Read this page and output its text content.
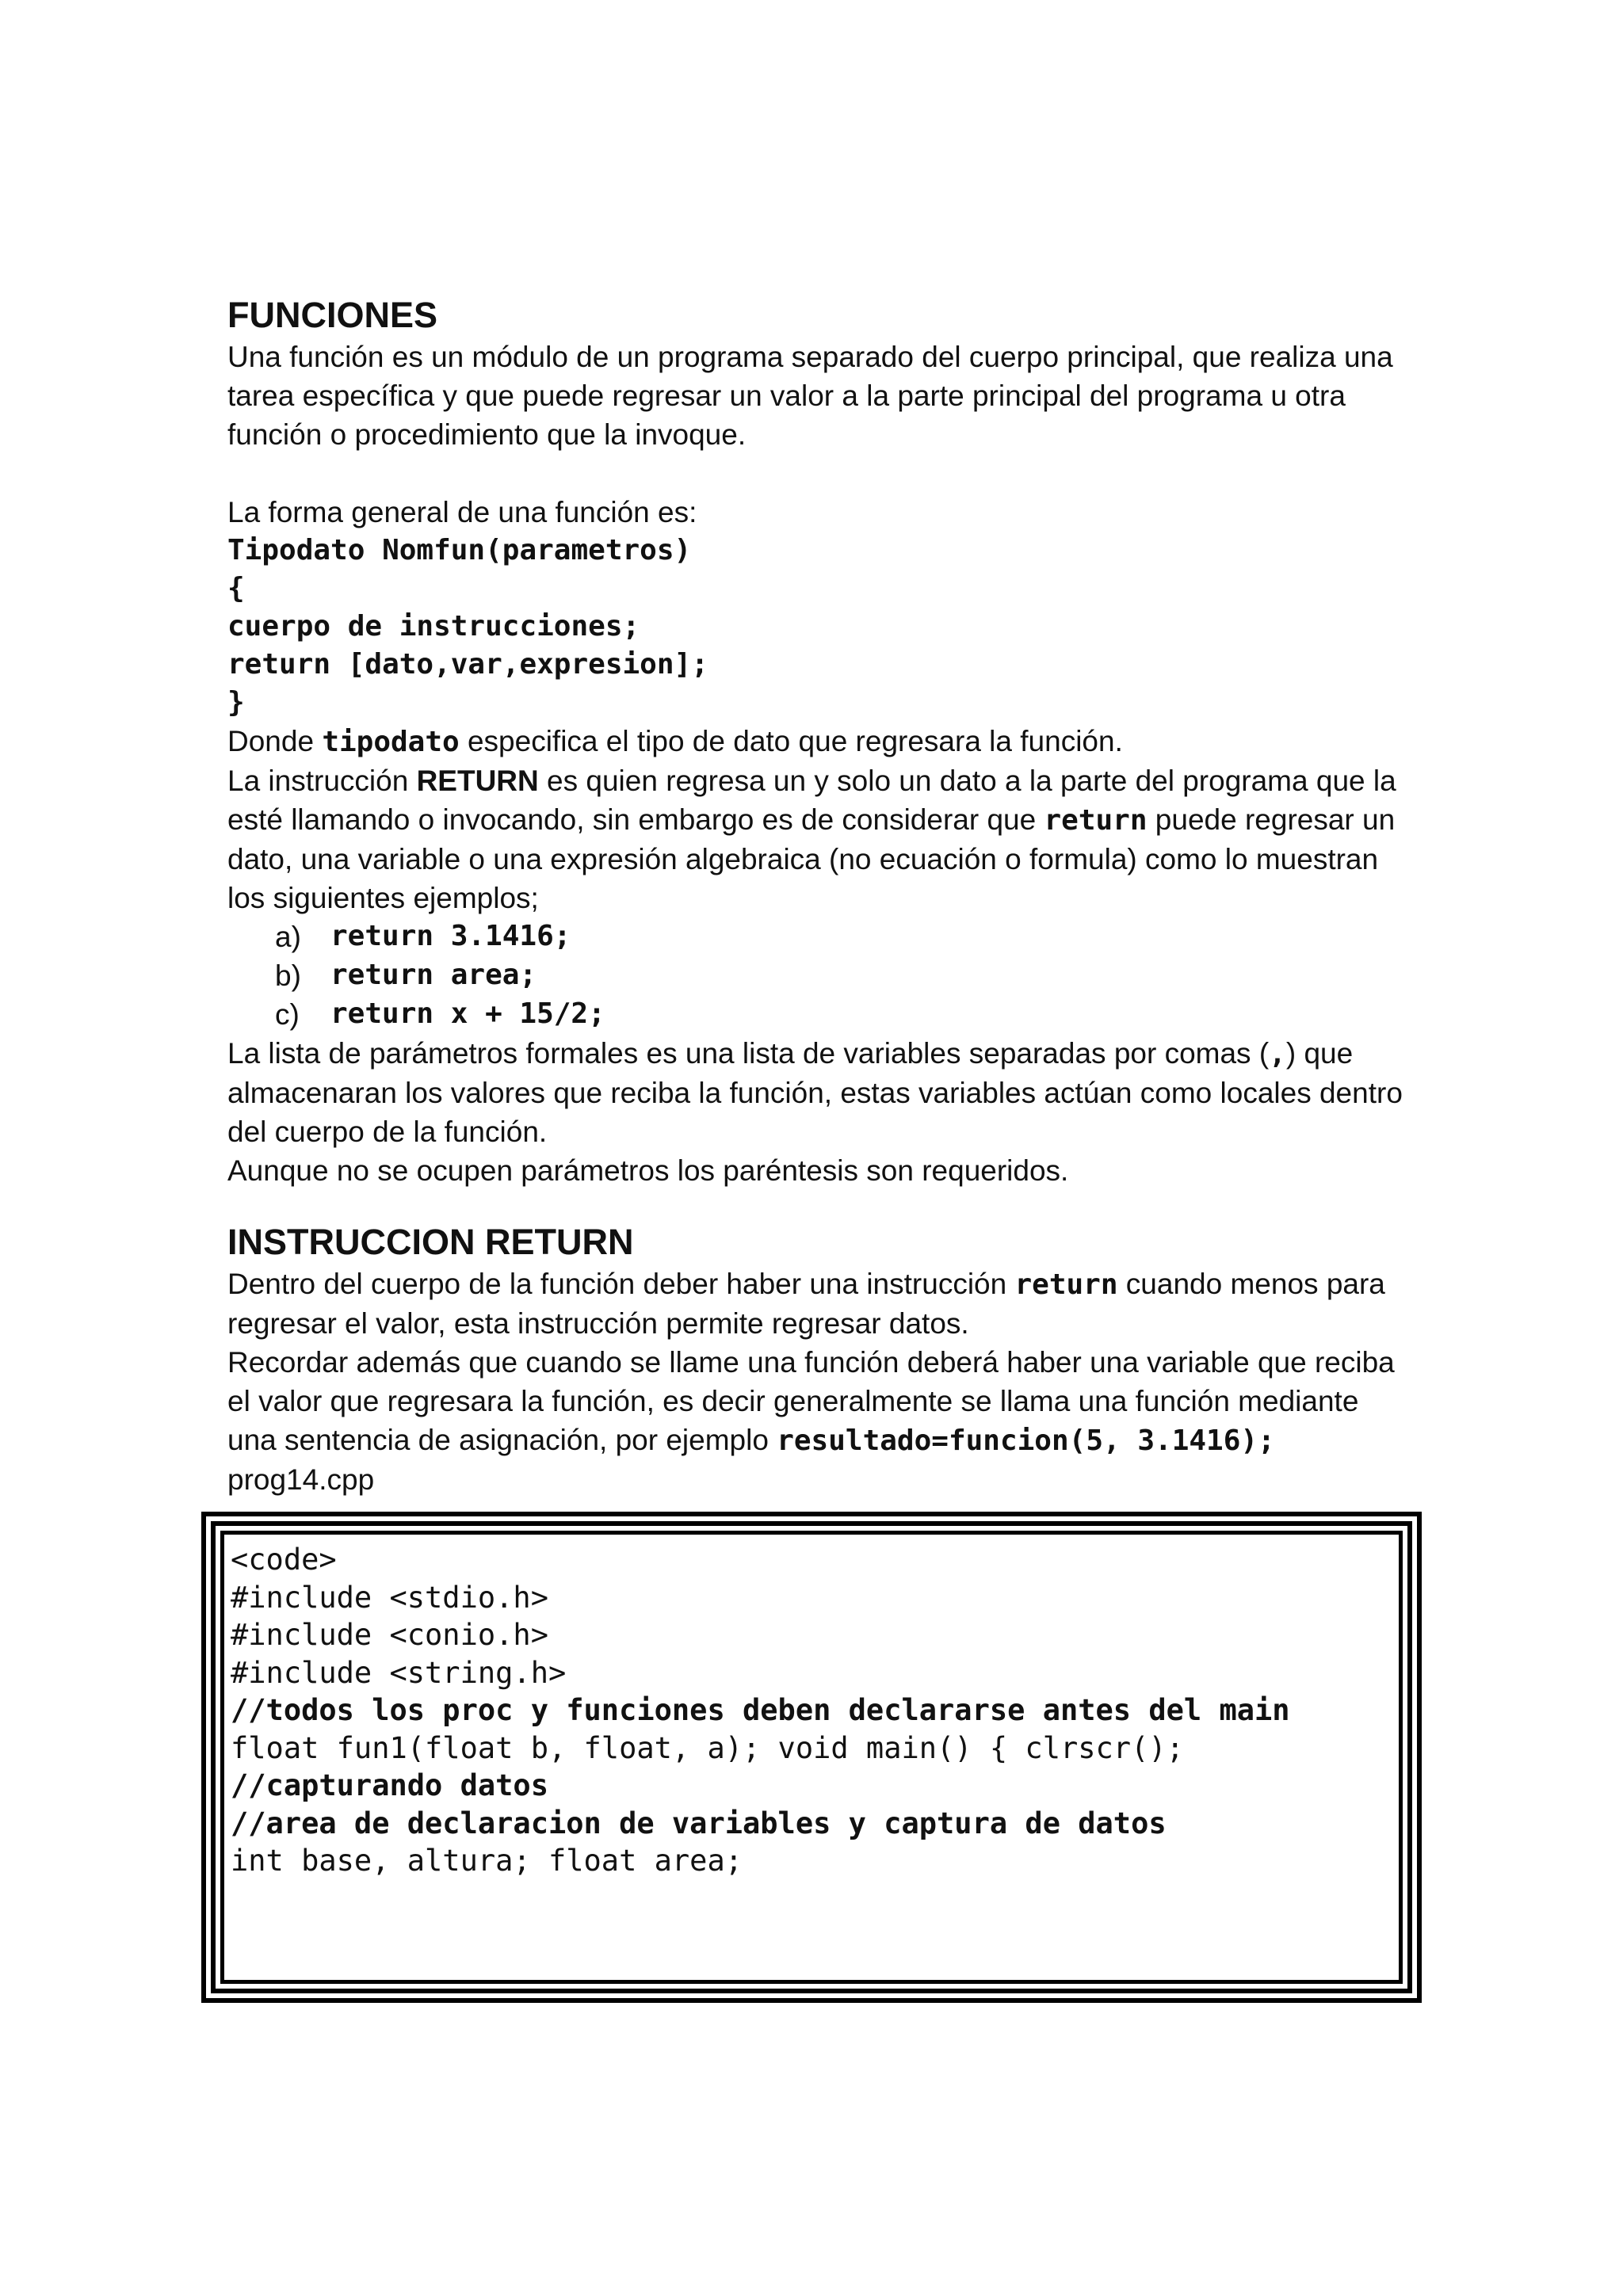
FUNCIONES

Una función es un módulo de un programa separado del cuerpo principal, que realiza una

tarea específica y que puede regresar un valor a la parte principal del programa u otra

función o procedimiento que la invoque.

La forma general de una función es:

Tipodato Nomfun(parametros)
{
cuerpo de instrucciones;
return [dato,var,expresion];
}

Donde tipodato especifica el tipo de dato que regresara la función.

La instrucción RETURN es quien regresa un y solo un dato a la parte del programa que la

esté llamando o invocando, sin embargo es de considerar que return puede regresar un

dato, una variable o una expresión algebraica (no ecuación o formula) como lo muestran

los siguientes ejemplos;

a)	return 3.1416;
b)	return area;
c)	return x + 15/2;

La lista de parámetros formales es una lista de variables separadas por comas (,) que

almacenaran los valores que reciba la función, estas variables actúan como locales dentro

del cuerpo de la función.

Aunque no se ocupen parámetros los paréntesis son requeridos.

INSTRUCCION RETURN

Dentro del cuerpo de la función deber haber una instrucción return cuando menos para

regresar el valor, esta instrucción permite regresar datos.

Recordar además que cuando se llame una función deberá haber una variable que reciba

el valor que regresara la función, es decir generalmente se llama una función mediante

una sentencia de asignación, por ejemplo resultado=funcion(5, 3.1416);

prog14.cpp

<code>
#include <stdio.h>
#include <conio.h>
#include <string.h>
//todos los proc y funciones deben declararse antes del main
float fun1(float b, float, a); void main() { clrscr();
//capturando datos
//area de declaracion de variables y captura de datos
int base, altura; float area;
